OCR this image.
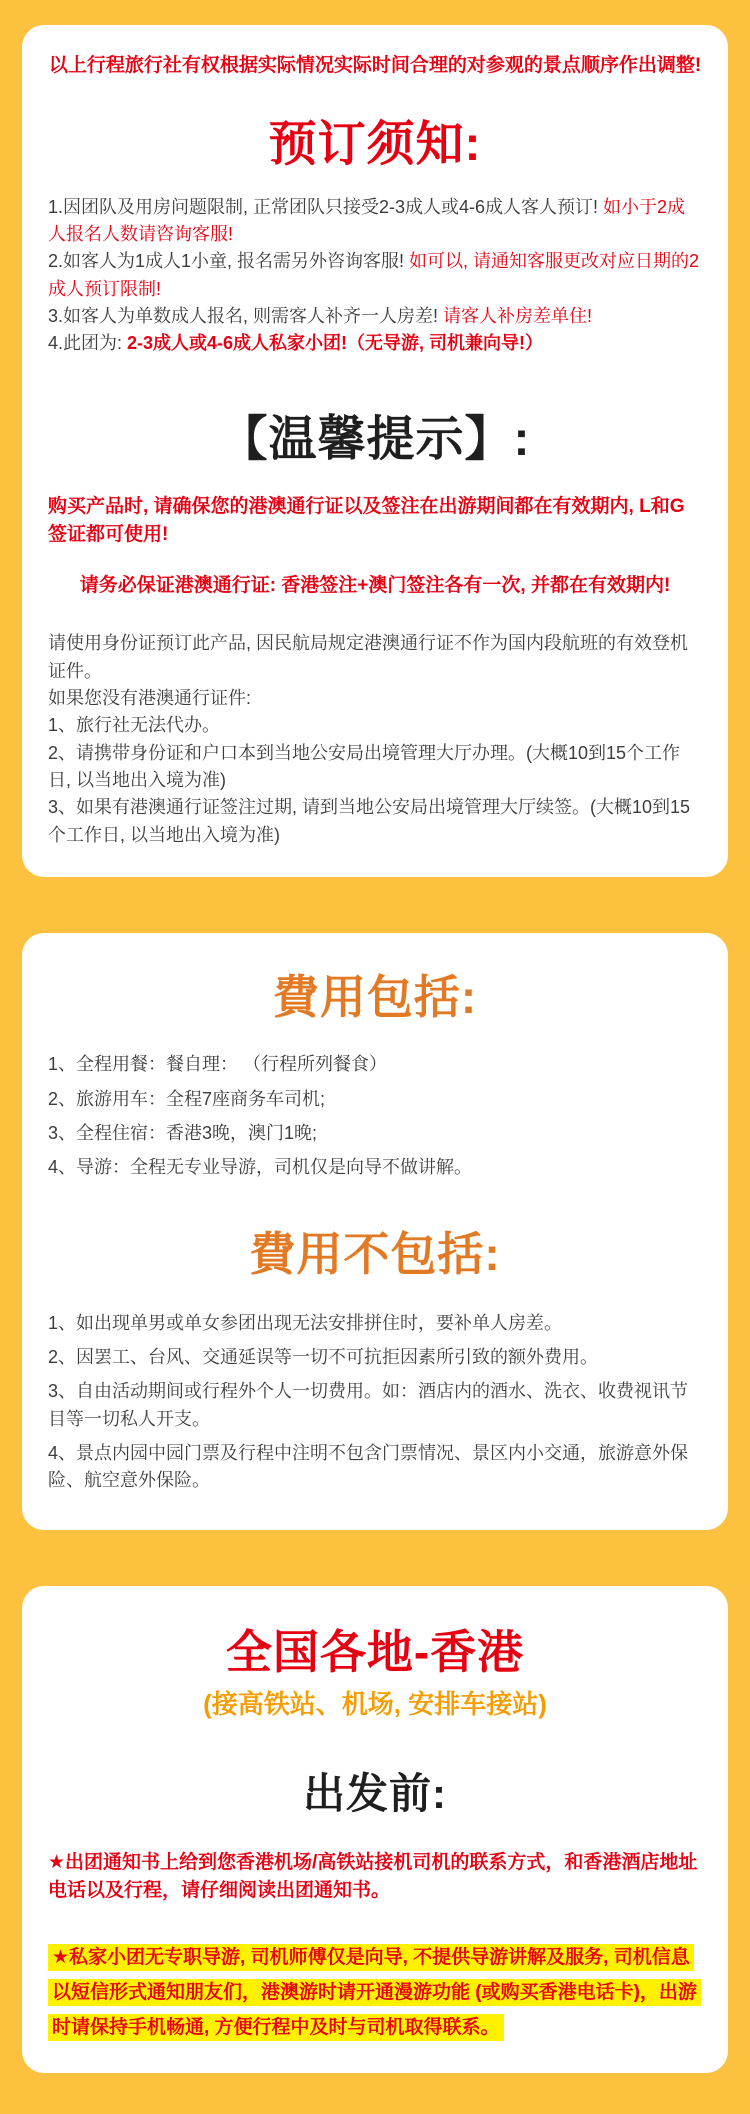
以上行程旅行社有权根据实际情况实际时间合理的对参观的景点顺序作出调整!

预订须知:

1.因团队及用房问题限制, 正常团队只接受2-3成人或4-6成人客人预订! 如小于2成人报名人数请咨询客服!

2.如客人为1成人1小童, 报名需另外咨询客服! 如可以, 请通知客服更改对应日期的2成人预订限制!

3.如客人为单数成人报名, 则需客人补齐一人房差! 请客人补房差单住!

4.此团为: 2-3成人或4-6成人私家小团!（无导游, 司机兼向导!）

【温馨提示】:

购买产品时, 请确保您的港澳通行证以及签注在出游期间都在有效期内, L和G签证都可使用!

请务必保证港澳通行证: 香港签注+澳门签注各有一次, 并都在有效期内!

请使用身份证预订此产品, 因民航局规定港澳通行证不作为国内段航班的有效登机证件。

如果您没有港澳通行证件:

1、旅行社无法代办。

2、请携带身份证和户口本到当地公安局出境管理大厅办理。(大概10到15个工作日, 以当地出入境为准)

3、如果有港澳通行证签注过期, 请到当地公安局出境管理大厅续签。(大概10到15个工作日, 以当地出入境为准)

費用包括:

1、全程用餐：餐自理： （行程所列餐食）

2、旅游用车：全程7座商务车司机;

3、全程住宿：香港3晚，澳门1晚;

4、导游：全程无专业导游，司机仅是向导不做讲解。

費用不包括:

1、如出现单男或单女参团出现无法安排拼住时，要补单人房差。

2、因罢工、台风、交通延误等一切不可抗拒因素所引致的额外费用。

3、自由活动期间或行程外个人一切费用。如：酒店内的酒水、洗衣、收费视讯节目等一切私人开支。

4、景点内园中园门票及行程中注明不包含门票情况、景区内小交通，旅游意外保险、航空意外保险。

全国各地-香港

(接高铁站、机场, 安排车接站)

出发前:

★出团通知书上给到您香港机场/高铁站接机司机的联系方式，和香港酒店地址电话以及行程，请仔细阅读出团通知书。

★私家小团无专职导游, 司机师傅仅是向导, 不提供导游讲解及服务, 司机信息以短信形式通知朋友们，港澳游时请开通漫游功能 (或购买香港电话卡)，出游时请保持手机畅通, 方便行程中及时与司机取得联系。
